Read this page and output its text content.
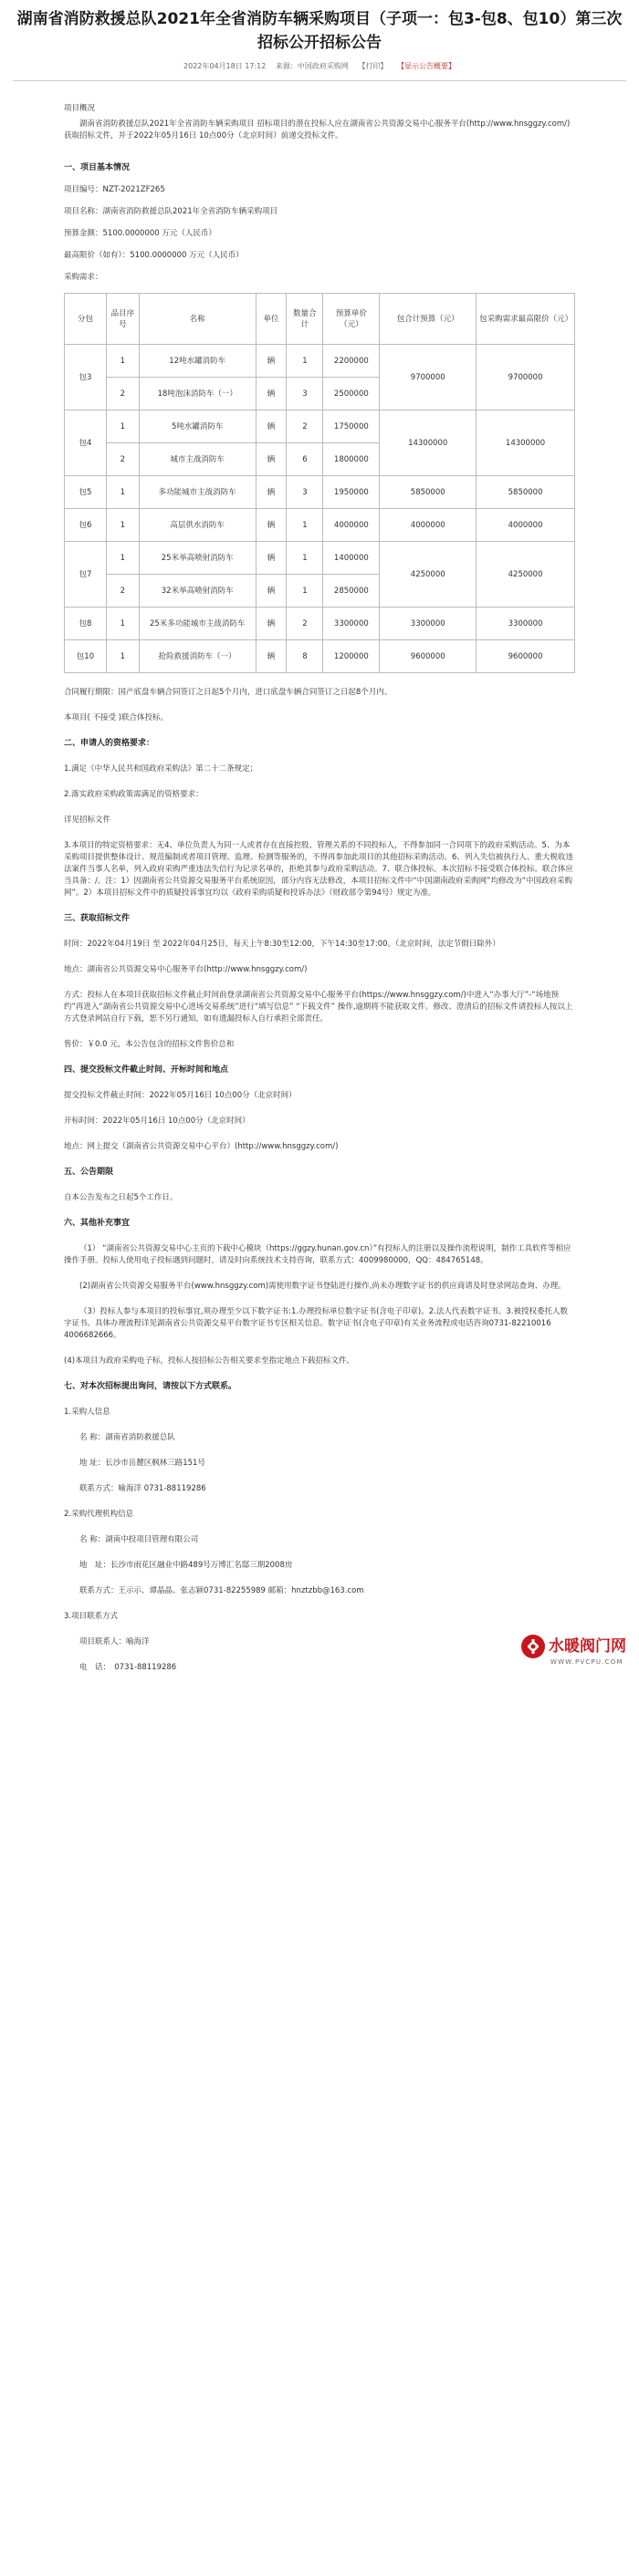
湖南省消防救援总队2021年全省消防车辆采购项目（子项一：包3-包8、包10）第三次招标公开招标公告
2022年04月18日 17:12 来源：中国政府采购网 【打印】 【显示公告概要】
项目概况
湖南省消防救援总队2021年全省消防车辆采购项目 招标项目的潜在投标人应在湖南省公共资源交易中心服务平台(http://www.hnsggzy.com/)获取招标文件，并于2022年05月16日 10点00分（北京时间）前递交投标文件。
一、项目基本情况
项目编号：NZT-2021ZF265
项目名称：湖南省消防救援总队2021年全省消防车辆采购项目
预算金额：5100.0000000 万元（人民币）
最高限价（如有）：5100.0000000 万元（人民币）
采购需求：
分包	品目序号	名称	单位	数量合计	预算单价（元）	包合计预算（元）	包采购需求最高限价（元）
包3	1	12吨水罐消防车	辆	1	2200000	9700000	9700000
	2	18吨泡沫消防车（一）	辆	3	2500000		
包4	1	5吨水罐消防车	辆	2	1750000	14300000	14300000
	2	城市主战消防车	辆	6	1800000		
包5	1	多功能城市主战消防车	辆	3	1950000	5850000	5850000
包6	1	高层供水消防车	辆	1	4000000	4000000	4000000
包7	1	25米举高喷射消防车	辆	1	1400000	4250000	4250000
	2	32米举高喷射消防车	辆	1	2850000		
包8	1	25米多功能城市主战消防车	辆	2	3300000	3300000	3300000
包10	1	抢险救援消防车（一）	辆	8	1200000	9600000	9600000
合同履行期限：国产底盘车辆合同签订之日起5个月内，进口底盘车辆合同签订之日起8个月内。
本项目( 不接受 )联合体投标。
二、申请人的资格要求：
1.满足《中华人民共和国政府采购法》第二十二条规定；
2.落实政府采购政策需满足的资格要求：
详见招标文件
3.本项目的特定资格要求：无4、单位负责人为同一人或者存在直接控股、管理关系的不同投标人，不得参加同一合同项下的政府采购活动。5、为本采购项目提供整体设计、规范编制或者项目管理、监理、检测等服务的，不得再参加此项目的其他招标采购活动。6、列入失信被执行人、重大税收违法案件当事人名单，列入政府采购严重违法失信行为记录名单的，拒绝其参与政府采购活动。7、联合体投标。本次招标不接受联合体投标。联合体应当具备：/。注：1）因湖南省公共资源交易服务平台系统原因，部分内容无法修改，本项目招标文件中“中国湖南政府采购网”均修改为“中国政府采购网”。2）本项目招标文件中的质疑投诉事宜均以《政府采购质疑和投诉办法》（财政部令第94号）规定为准。
三、获取招标文件
时间：2022年04月19日 至 2022年04月25日，每天上午8:30至12:00，下午14:30至17:00。（北京时间，法定节假日除外）
地点：湖南省公共资源交易中心服务平台(http://www.hnsggzy.com/)
方式：投标人在本项目获取招标文件截止时间前登录湖南省公共资源交易中心服务平台(https://www.hnsggzy.com/)中进入“办事大厅”-“场地预约”再进入“湖南省公共资源交易中心进场交易系统”进行“填写信息” “下载文件” 操作,逾期将不能获取文件。修改、澄清后的招标文件请投标人按以上方式登录网站自行下载，恕不另行通知，如有遗漏投标人自行承担全部责任。
售价：￥0.0 元，本公告包含的招标文件售价总和
四、提交投标文件截止时间、开标时间和地点
提交投标文件截止时间：2022年05月16日 10点00分（北京时间）
开标时间：2022年05月16日 10点00分（北京时间）
地点：网上提交（湖南省公共资源交易中心平台）(http://www.hnsggzy.com/)
五、公告期限
自本公告发布之日起5个工作日。
六、其他补充事宜
（1） “湖南省公共资源交易中心主页的下载中心模块（https://ggzy.hunan.gov.cn）”有投标人的注册以及操作流程说明，制作工具软件等相应操作手册。投标人使用电子投标遇到问题时，请及时向系统技术支持咨询，联系方式：4009980000，QQ：484765148。
(2)湖南省公共资源交易服务平台(www.hnsggzy.com)需使用数字证书登陆进行操作,尚未办理数字证书的供应商请及时登录网站查询、办理。
（3）投标人参与本项目的投标事宜,须办理至少以下数字证书:1.办理投标单位数字证书(含电子印章)。2.法人代表数字证书。3.被授权委托人数字证书。具体办理流程详见湖南省公共资源交易平台数字证书专区相关信息。数字证书(含电子印章)有关业务流程或电话咨询0731-82210016 4006682666。
(4)本项目为政府采购电子标，投标人按招标公告相关要求至指定地点下载招标文件。
七、对本次招标提出询问，请按以下方式联系。
1.采购人信息
名 称：湖南省消防救援总队
地 址：长沙市岳麓区枫林三路151号
联系方式：喻海洋 0731-88119286
2.采购代理机构信息
名 称：湖南中投项目管理有限公司
地　址：长沙市雨花区融业中路489号万博汇名邸三期2008房
联系方式：王示示、谭晶晶、张志颖0731-82255989 邮箱：hnztzbb@163.com
3.项目联系方式
项目联系人：喻海洋
电　话：　0731-88119286
水暖阀门网
WWW.PVCPU.COM
